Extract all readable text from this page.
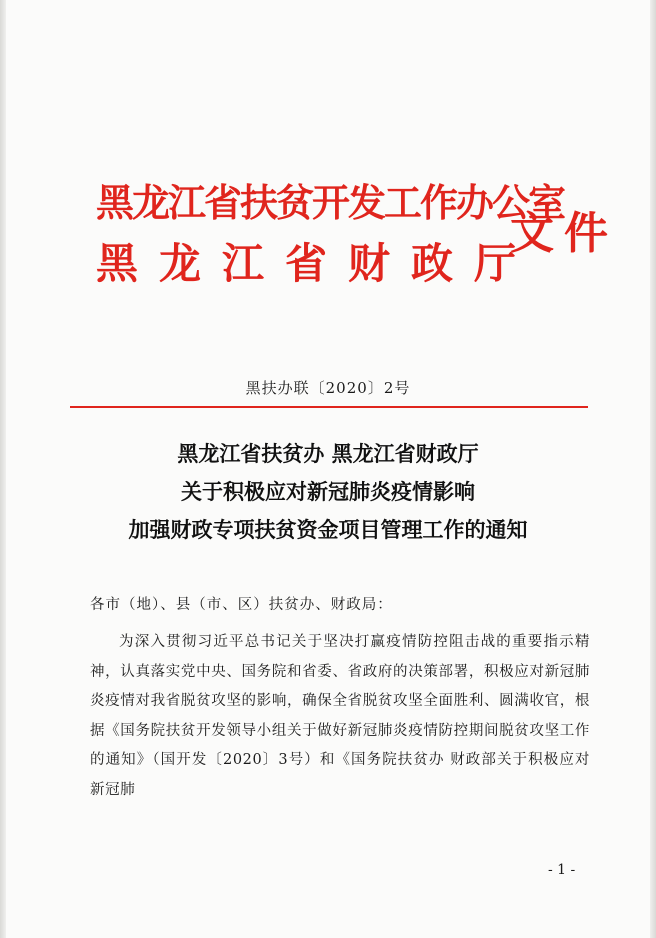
黑龙江省扶贫开发工作办公室
黑龙江省财政厅
文件
黑扶办联〔2020〕2号
黑龙江省扶贫办 黑龙江省财政厅
关于积极应对新冠肺炎疫情影响
加强财政专项扶贫资金项目管理工作的通知
各市（地）、县（市、区）扶贫办、财政局：
为深入贯彻习近平总书记关于坚决打赢疫情防控阻击战的重要指示精神，认真落实党中央、国务院和省委、省政府的决策部署，积极应对新冠肺炎疫情对我省脱贫攻坚的影响，确保全省脱贫攻坚全面胜利、圆满收官，根据《国务院扶贫开发领导小组关于做好新冠肺炎疫情防控期间脱贫攻坚工作的通知》（国开发〔2020〕3号）和《国务院扶贫办 财政部关于积极应对新冠肺
- 1 -
